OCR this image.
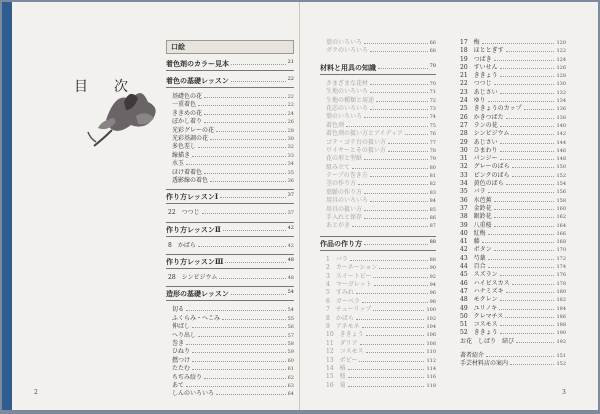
目　次
口絵
着色剤のカラー見本	21
着色の基礎レッスン	22
基礎色の花	22
一重着色	22
ききめの花	24
ぼかし着り	26
光彩グレーの花	28
光彩基調の花	30
多色差し	32
線描き	33
水玉	34
ほけ着着色	35
透影線の着色	36
作り方レッスンⅠ	37
22　つつじ	37
作り方レッスンⅡ	42
8　かばら	42
作り方レッスンⅢ	48
28　シンビジウム	48
造形の基礎レッスン	54
切る	54
ふくらみ・へこみ	55
伸ばし	56
へり出し	57
巻き	58
ひねり	59
撚つけ	60
たたむ	61
ちぢみ絞り	62
あて	63
しんのいろいろ	64
2
葉のいろいろ	66
ガクのいろいろ	68
材料と用具の知識	70
さまざまな花材	70
生地のいろいろ	71
生地の種類と用途	72
花芯のいろいろ	73
葉のいろいろ	74
着色剤	75
着色剤の扱い方とアイディア	76
ゴテ・ゴテ台の扱い方	77
ワイヤーとその扱い方	78
花の形と型紙	79
組み立て	80
テープの巻き方	81
茎の作り方	82
葉脈の作り方	83
用具のいろいろ	84
用具の扱い方	85
手入れと保存	86
あとがき	87
作品の作り方	88
1　バラ	88
2　カーネーション	90
3　スイートピー	92
4　マーガレット	94
5　すみれ	96
6　ガーベラ	98
7　チューリップ	100
8　かばら	102
9　アネモネ	104
10　ききょう	106
11　ダリア	108
12　コスモス	110
13　ポピー	112
14　椿	114
15　桜	116
16　菊	118
17　梅	120
18　ほととぎす	122
19　つばき	124
20　すいせん	126
21　ききょう	128
22　つつじ	130
23　あじさい	132
24　ゆり	134
25　ききょうのカップ	136
26　かきつばた	138
27　ランの花	140
28　シンビジウム	142
29　あじさい	144
30　ひまわり	146
31　パンジー	148
32　グレーのばら	150
33　ピンクのばら	152
34　黄色のばら	154
35　バラ	156
36　水芭蕉	158
37　金鈴花	160
38　銀鈴花	162
39　八重桜	164
40　紅梅	166
41　藤	168
42　ボタン	170
43　芍薬	172
44　百合	174
45　スズラン	176
46　ハイビスカス	178
47　ハナミズキ	180
48　モクレン	182
49　ユリノキ	184
50　クレマチス	186
51　コスモス	188
52　ききょう	190
お花　しばり　結び	192
著者紹介	151
手芸材料店の案内	152
3
